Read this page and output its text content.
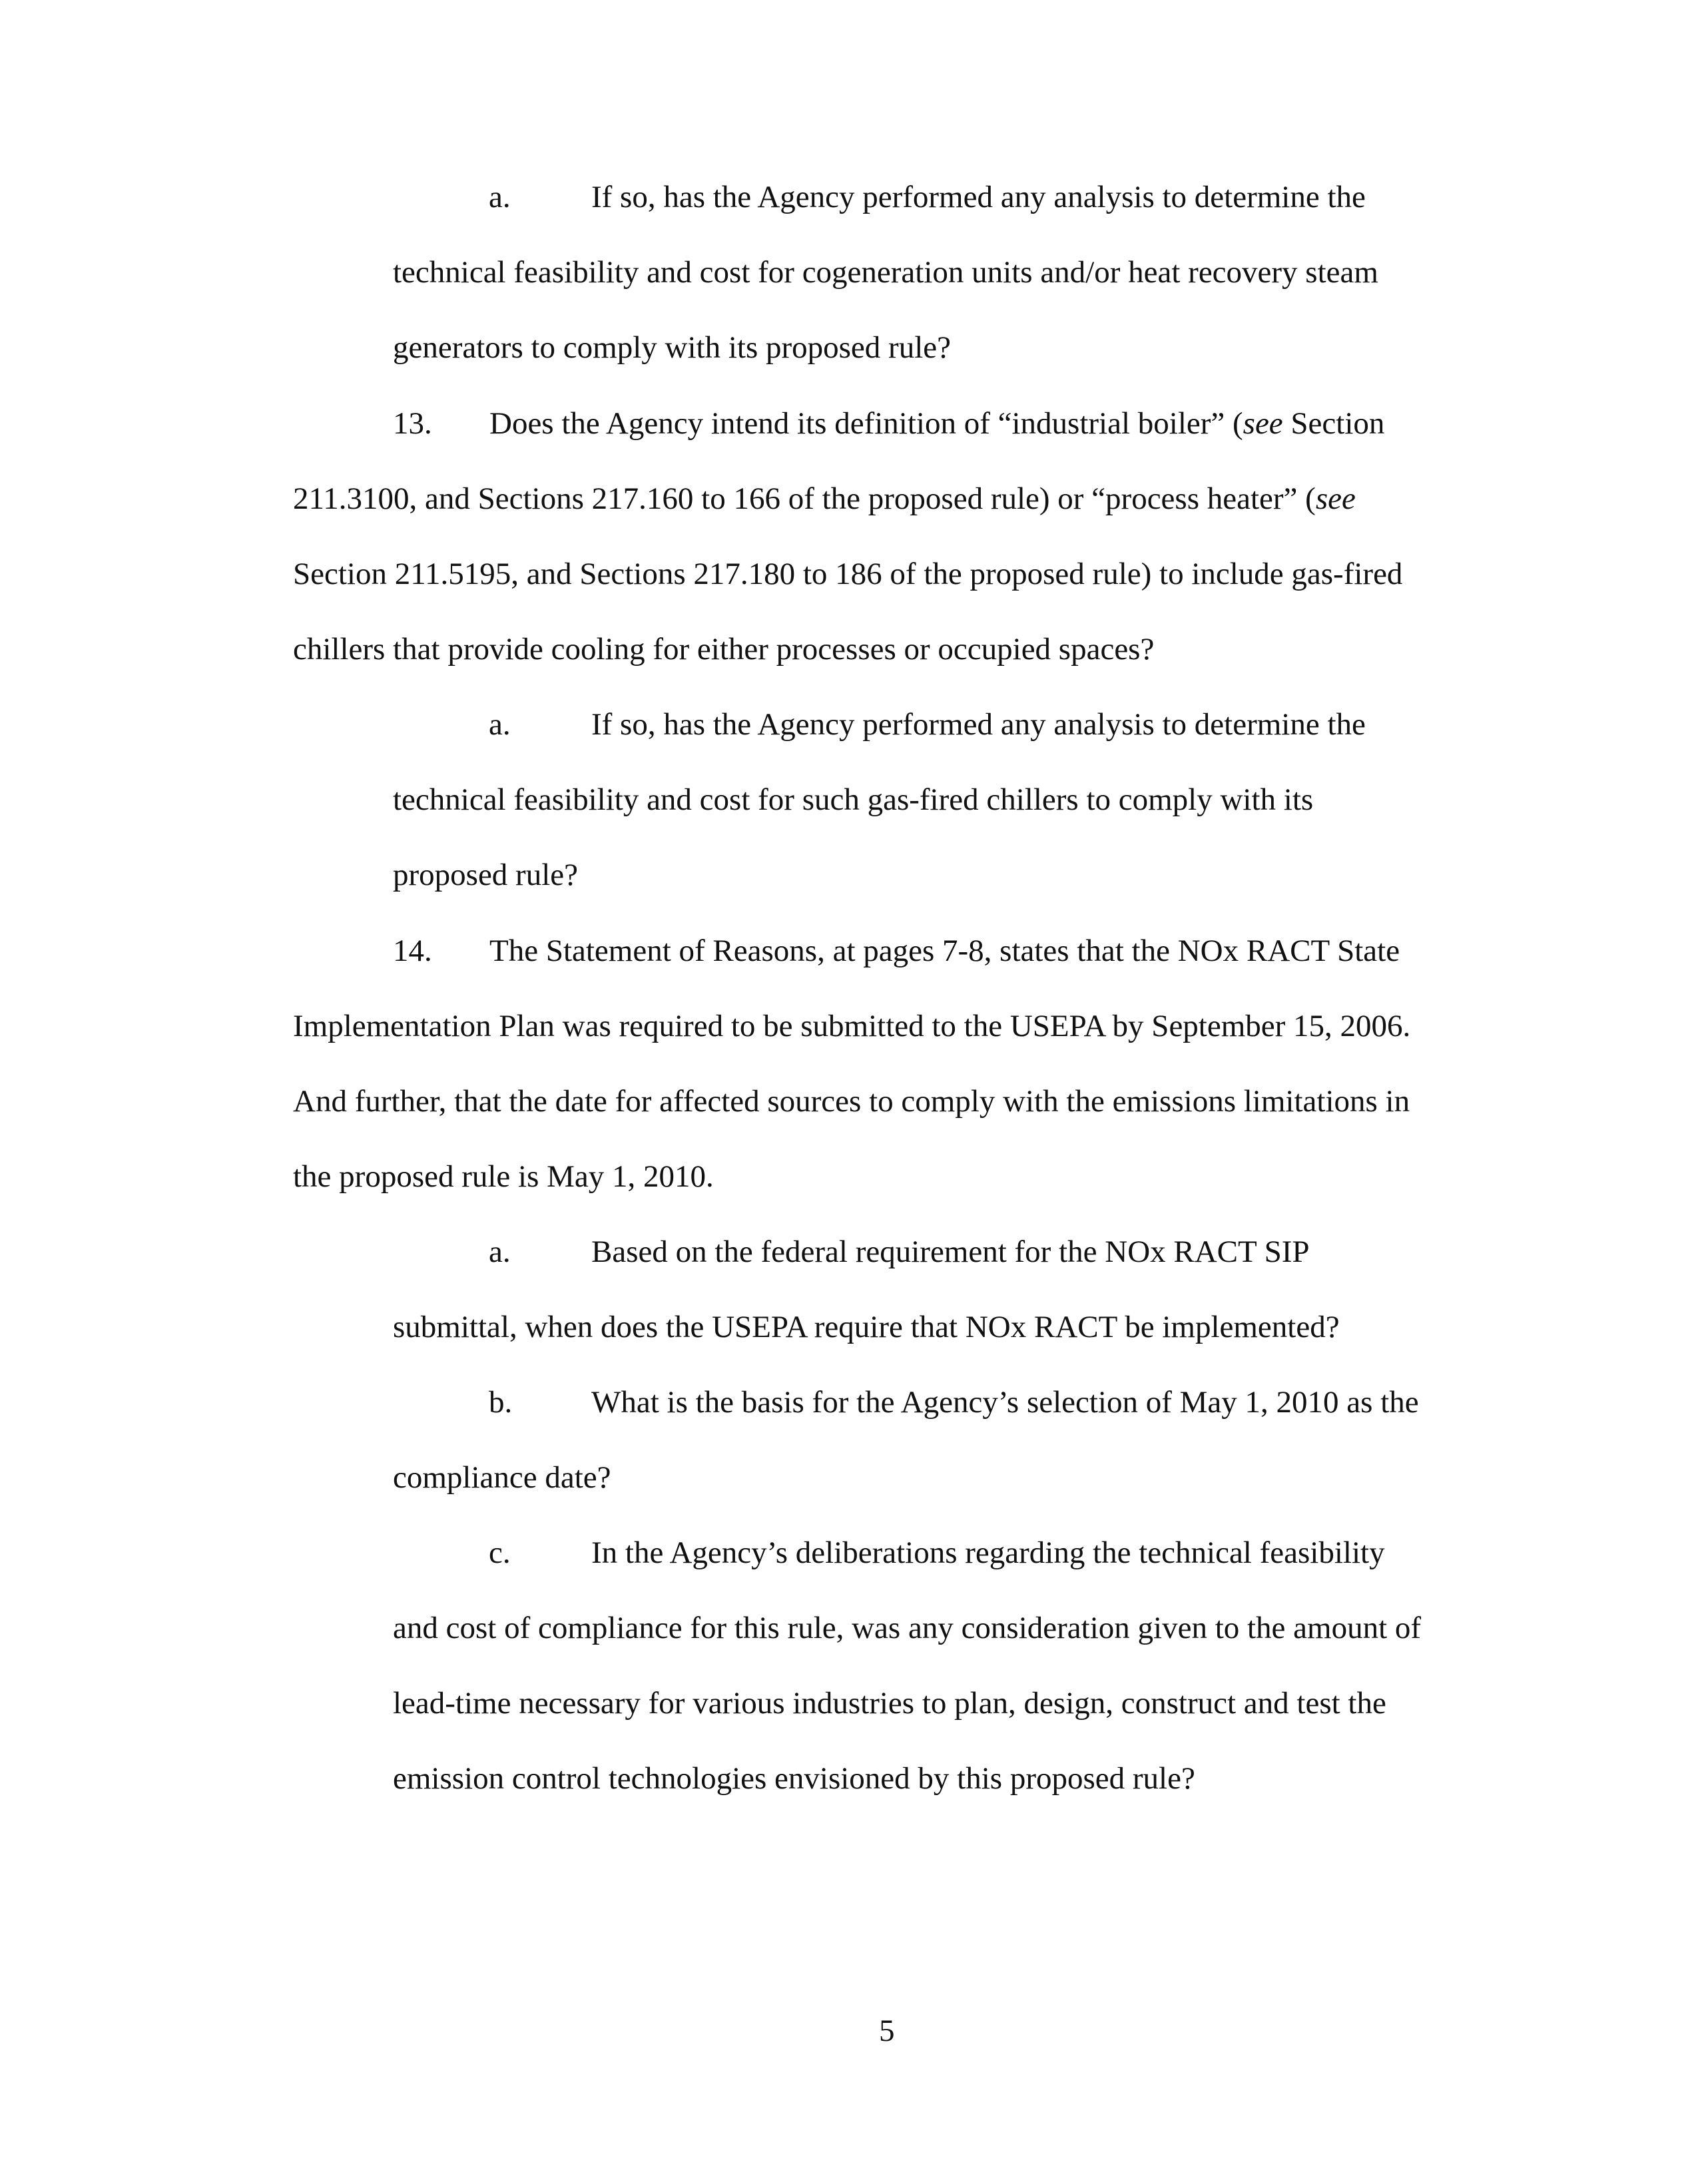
a.	If so, has the Agency performed any analysis to determine the
technical feasibility and cost for cogeneration units and/or heat recovery steam
generators to comply with its proposed rule?
13. Does the Agency intend its definition of “industrial boiler” (see Section
211.3100, and Sections 217.160 to 166 of the proposed rule) or “process heater” (see
Section 211.5195, and Sections 217.180 to 186 of the proposed rule) to include gas-fired
chillers that provide cooling for either processes or occupied spaces?
a.	If so, has the Agency performed any analysis to determine the
technical feasibility and cost for such gas-fired chillers to comply with its
proposed rule?
14. The Statement of Reasons, at pages 7-8, states that the NOx RACT State
Implementation Plan was required to be submitted to the USEPA by September 15, 2006.
And further, that the date for affected sources to comply with the emissions limitations in
the proposed rule is May 1, 2010.
a.	Based on the federal requirement for the NOx RACT SIP
submittal, when does the USEPA require that NOx RACT be implemented?
b.	What is the basis for the Agency’s selection of May 1, 2010 as the
compliance date?
c.	In the Agency’s deliberations regarding the technical feasibility
and cost of compliance for this rule, was any consideration given to the amount of
lead-time necessary for various industries to plan, design, construct and test the
emission control technologies envisioned by this proposed rule?
5
